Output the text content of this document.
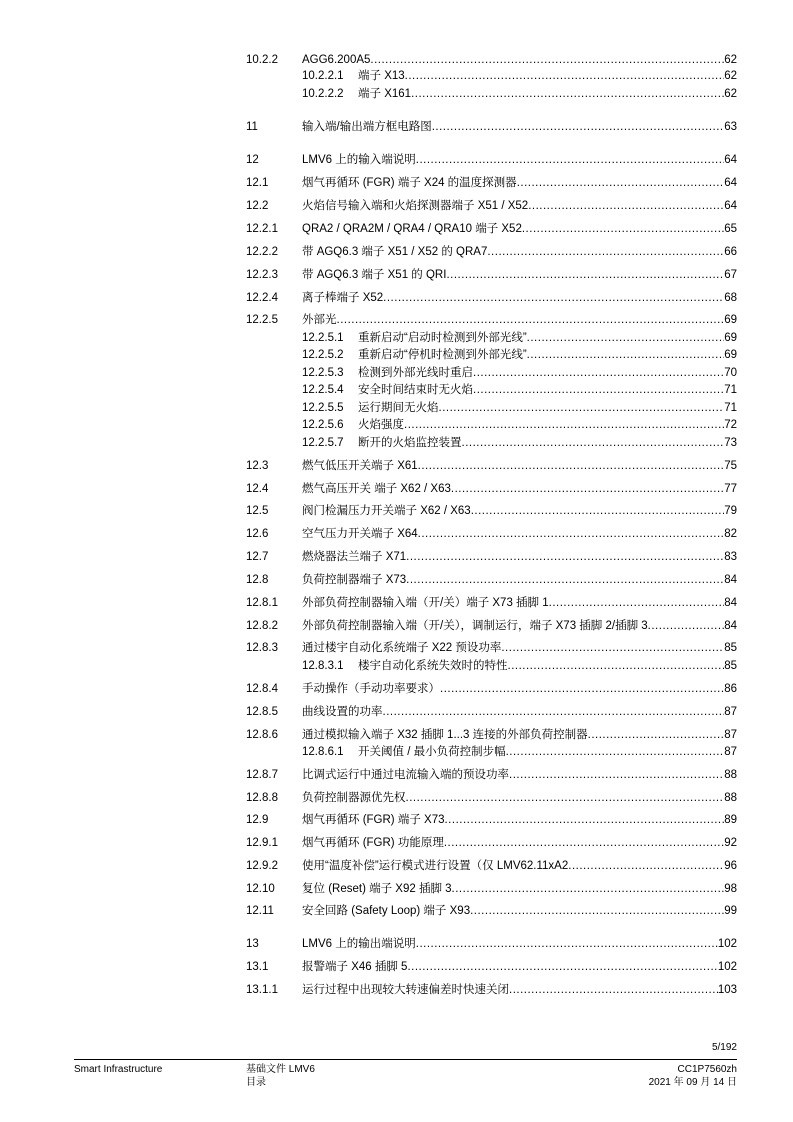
10.2.2 AGG6.200A5 .....	62
10.2.2.1 端子 X13 .....	62
10.2.2.2 端子 X161 .....	62
11	输入端/输出端方框电路图 .....	63
12	LMV6 上的输入端说明 .....	64
12.1	烟气再循环 (FGR) 端子 X24 的温度探测器 .....	64
12.2	火焰信号输入端和火焰探测器端子 X51 / X52 .....	64
12.2.1 QRA2 / QRA2M / QRA4 / QRA10 端子 X52 .....	65
12.2.2 带 AGQ6.3 端子 X51 / X52 的 QRA7 .....	66
12.2.3 带 AGQ6.3 端子 X51 的 QRI .....	67
12.2.4 离子棒端子 X52 .....	68
12.2.5 外部光 .....	69
12.2.5.1 重新启动“启动时检测到外部光线” .....	69
12.2.5.2 重新启动“停机时检测到外部光线” .....	69
12.2.5.3 检测到外部光线时重启 .....	70
12.2.5.4 安全时间结束时无火焰 .....	71
12.2.5.5 运行期间无火焰 .....	71
12.2.5.6 火焰强度 .....	72
12.2.5.7 断开的火焰监控装置 .....	73
12.3	燃气低压开关端子 X61 .....	75
12.4	燃气高压开关 端子 X62 / X63 .....	77
12.5	阀门检漏压力开关端子 X62 / X63 .....	79
12.6	空气压力开关端子 X64 .....	82
12.7	燃烧器法兰端子 X71 .....	83
12.8	负荷控制器端子 X73 .....	84
12.8.1 外部负荷控制器输入端（开/关）端子 X73 插脚 1 .....	84
12.8.2 外部负荷控制器输入端（开/关），调制运行，端子 X73 插脚 2/插脚 3 .....	84
12.8.3 通过楼宇自动化系统端子 X22 预设功率 .....	85
12.8.3.1 楼宇自动化系统失效时的特性 .....	85
12.8.4 手动操作（手动功率要求） .....	86
12.8.5 曲线设置的功率 .....	87
12.8.6 通过模拟输入端子 X32 插脚 1...3 连接的外部负荷控制器 .....	87
12.8.6.1 开关阈值 / 最小负荷控制步幅 .....	87
12.8.7 比调式运行中通过电流输入端的预设功率 .....	88
12.8.8 负荷控制器源优先权 .....	88
12.9	烟气再循环 (FGR) 端子 X73 .....	89
12.9.1 烟气再循环 (FGR) 功能原理 .....	92
12.9.2 使用“温度补偿”运行模式进行设置（仅 LMV62.11xA2 .....	96
12.10 复位 (Reset) 端子 X92 插脚 3 .....	98
12.11 安全回路 (Safety Loop) 端子 X93 .....	99
13	LMV6 上的输出端说明 .....	102
13.1	报警端子 X46 插脚 5 .....	102
13.1.1 运行过程中出现较大转速偏差时快速关闭 .....	103
5/192
Smart Infrastructure	基础文件 LMV6
目录
CC1P7560zh
2021 年 09 月 14 日
